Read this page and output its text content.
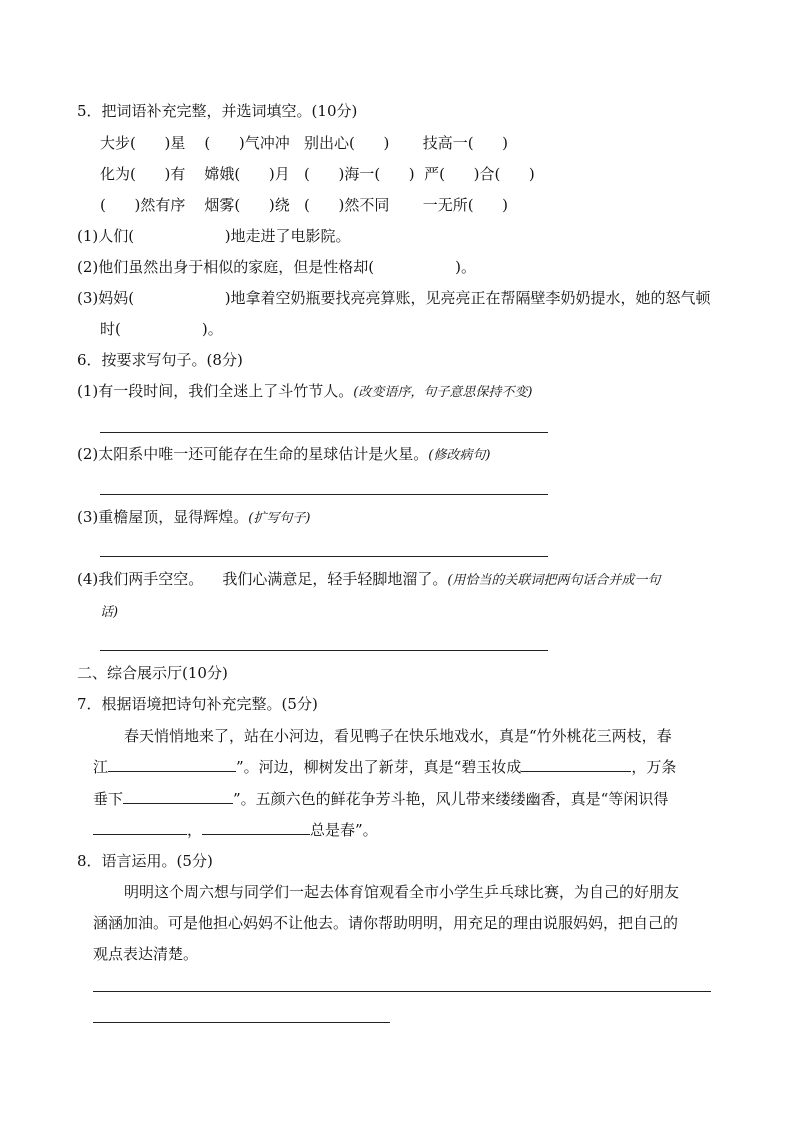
5．把词语补充完整，并选词填空。(10分)
大步(      )星    (      )气冲冲   别出心(      )       技高一(      )
化为(      )有    嫦娥(      )月   (      )海一(      )  严(      )合(      )
(      )然有序    烟雾(      )绕   (      )然不同       一无所(      )
(1)人们(                   )地走进了电影院。
(2)他们虽然出身于相似的家庭，但是性格却(                 )。
(3)妈妈(                   )地拿着空奶瓶要找亮亮算账，见亮亮正在帮隔壁李奶奶提水，她的怒气顿
时(                 )。
6．按要求写句子。(8分)
(1)有一段时间，我们全迷上了斗竹节人。(改变语序，句子意思保持不变)
(2)太阳系中唯一还可能存在生命的星球估计是火星。(修改病句)
(3)重檐屋顶，显得辉煌。(扩写句子)
(4)我们两手空空。    我们心满意足，轻手轻脚地溜了。(用恰当的关联词把两句话合并成一句
话)
二、综合展示厅(10分)
7．根据语境把诗句补充完整。(5分)
春天悄悄地来了，站在小河边，看见鸭子在快乐地戏水，真是“竹外桃花三两枝，春
江	”。河边，柳树发出了新芽，真是“碧玉妆成	，万条
垂下	”。五颜六色的鲜花争芳斗艳，风儿带来缕缕幽香，真是“等闲识得
，	总是春”。
8．语言运用。(5分)
明明这个周六想与同学们一起去体育馆观看全市小学生乒乓球比赛，为自己的好朋友
涵涵加油。可是他担心妈妈不让他去。请你帮助明明，用充足的理由说服妈妈，把自己的
观点表达清楚。
